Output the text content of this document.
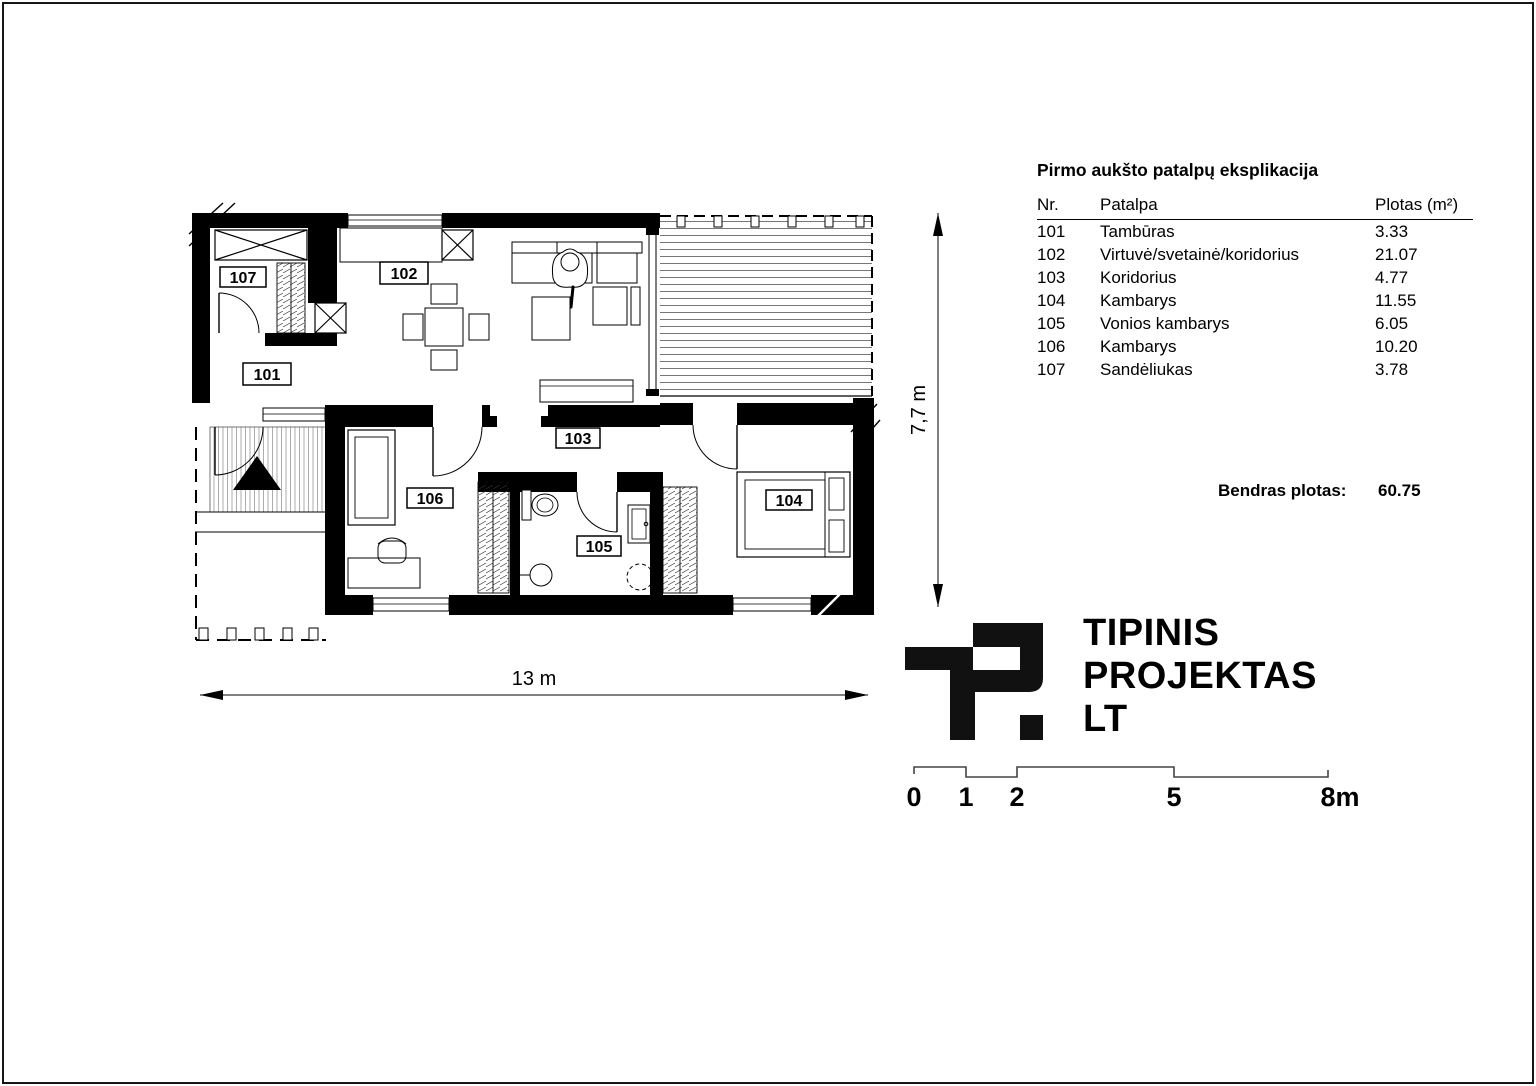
107	102
101
103
106
105
104
13 m
7,7 m
Pirmo aukšto patalpų eksplikacija
Nr.	Patalpa	Plotas (m²)
101	Tambūras	3.33
102	Virtuvė/svetainė/koridorius	21.07
103	Koridorius	4.77
104	Kambarys	11.55
105	Vonios kambarys	6.05
106	Kambarys	10.20
107	Sandėliukas	3.78
Bendras plotas: 60.75
TIPINIS
PROJEKTAS
LT
0 1 2	5	8m
